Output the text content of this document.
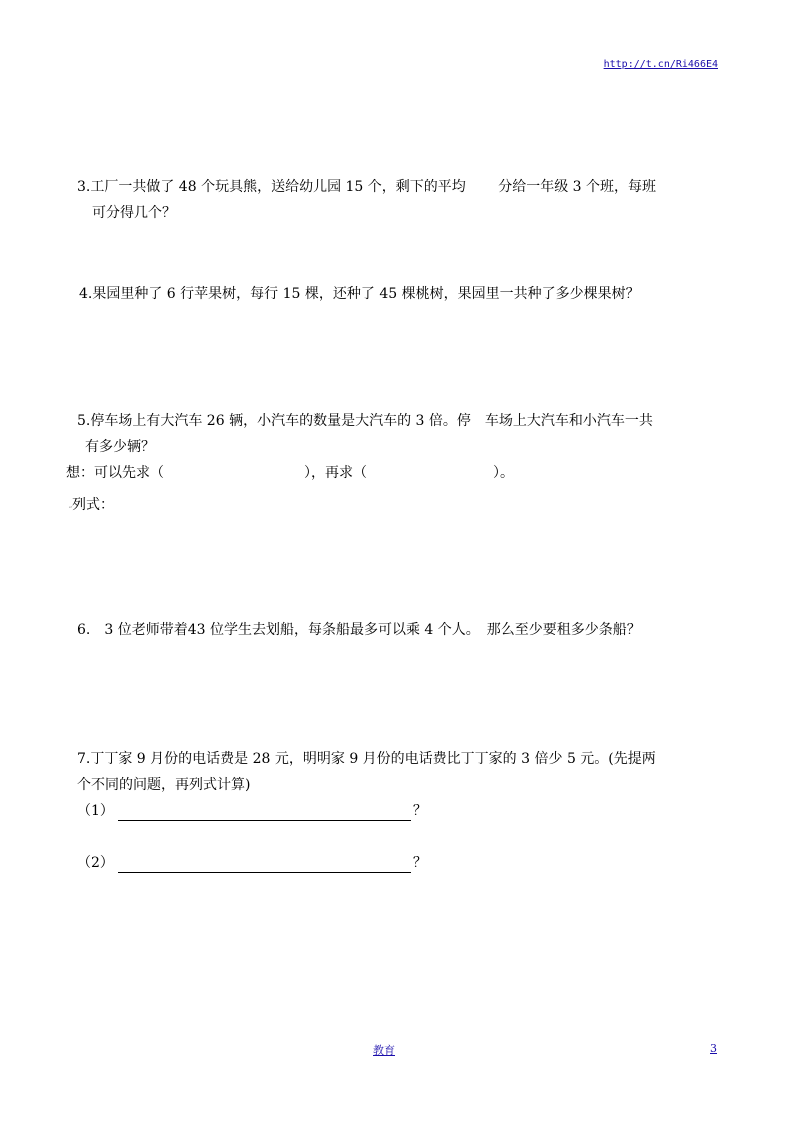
http://t.cn/Ri466E4
3.工厂一共做了 48 个玩具熊，送给幼儿园 15 个，剩下的平均　　 分给一年级 3 个班，每班
可分得几个？
4.果园里种了 6 行苹果树，每行 15 棵，还种了 45 棵桃树，果园里一共种了多少棵果树？
5.停车场上有大汽车 26 辆，小汽车的数量是大汽车的 3 倍。停　车场上大汽车和小汽车一共
有多少辆？
想：可以先求（　　　　　　　　　　），再求（　　　　　　　　　）。
˶列式：
6.　3 位老师带着43 位学生去划船，每条船最多可以乘 4 个人。　那么至少要租多少条船？
7.丁丁家 9 月份的电话费是 28 元，明明家 9 月份的电话费比丁丁家的 3 倍少 5 元。(先提两
个不同的问题，再列式计算)
（1）	？
（2）	？
教育	3
